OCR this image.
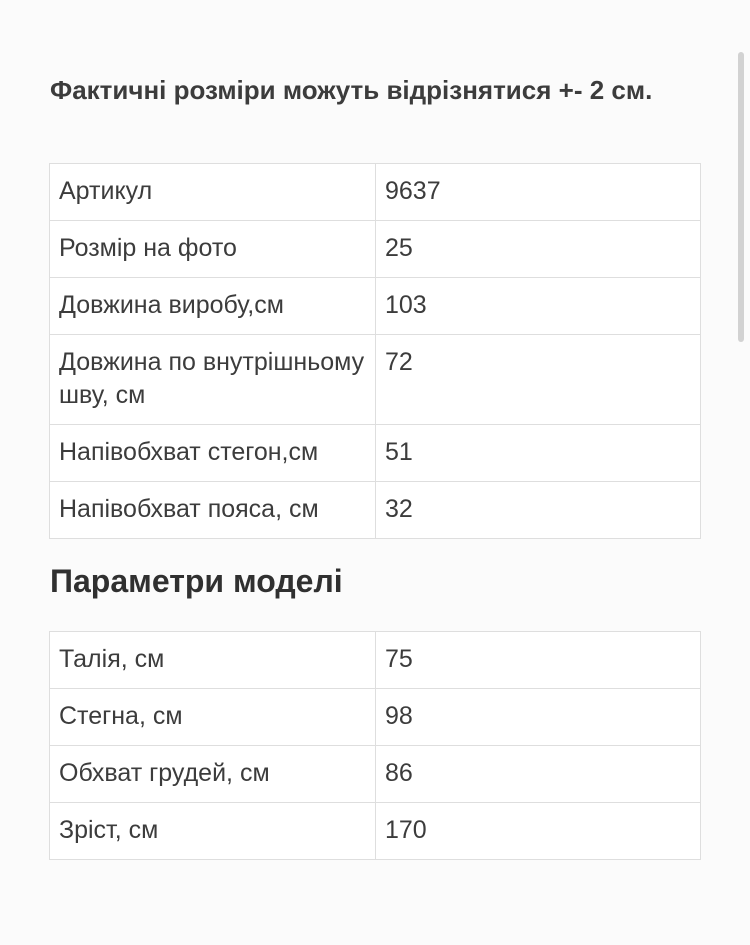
Фактичні розміри можуть відрізнятися +- 2 см.

Артикул	9637
Розмір на фото	25
Довжина виробу,см	103
Довжина по внутрішньому шву, см	72
Напівобхват стегон,см	51
Напівобхват пояса, см	32
Параметри моделі
Талія, см	75
Стегна, см	98
Обхват грудей, см	86
Зріст, см	170
